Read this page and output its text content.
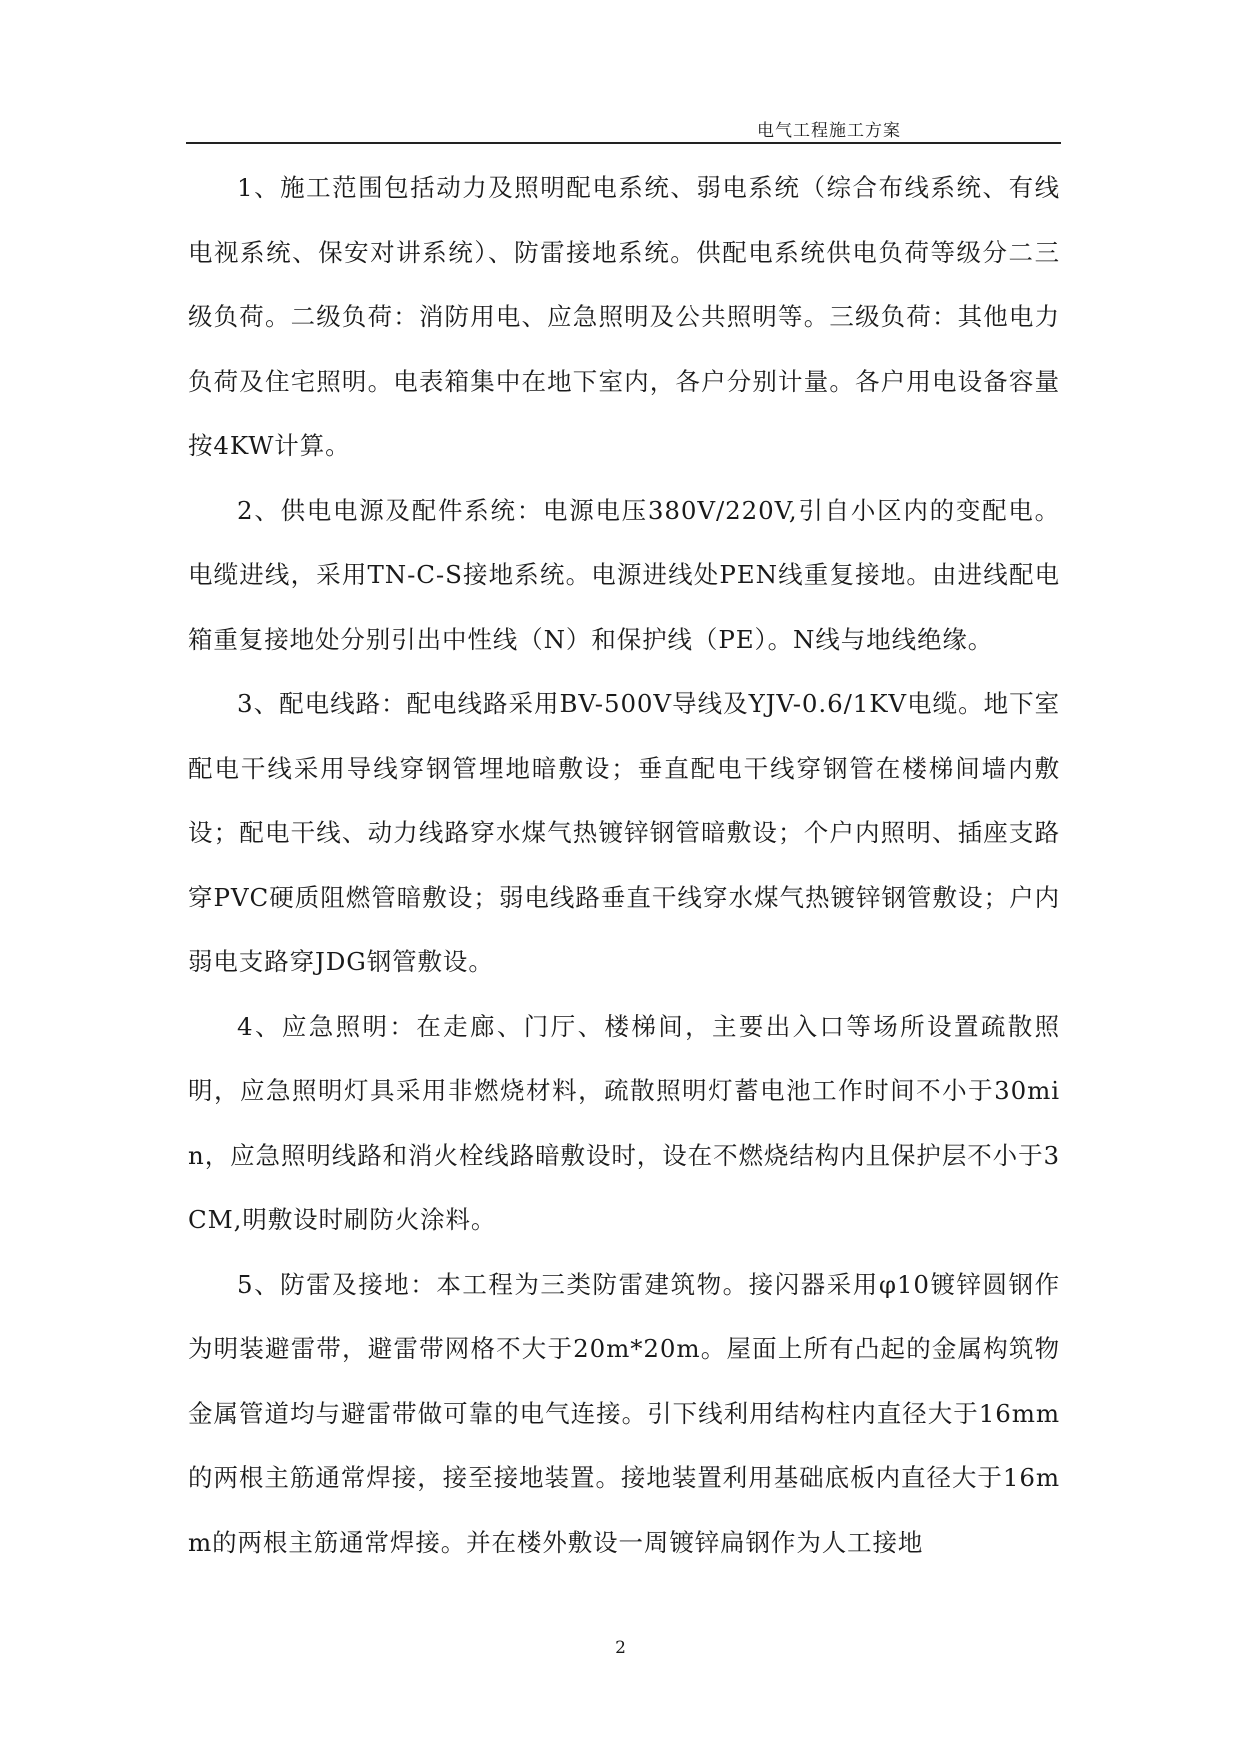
电气工程施工方案

1、施工范围包括动力及照明配电系统、弱电系统（综合布线系统、有线电视系统、保安对讲系统）、防雷接地系统。供配电系统供电负荷等级分二三级负荷。二级负荷：消防用电、应急照明及公共照明等。三级负荷：其他电力负荷及住宅照明。电表箱集中在地下室内，各户分别计量。各户用电设备容量按4KW计算。

2、供电电源及配件系统：电源电压380V/220V,引自小区内的变配电。电缆进线，采用TN-C-S接地系统。电源进线处PEN线重复接地。由进线配电箱重复接地处分别引出中性线（N）和保护线（PE）。N线与地线绝缘。

3、配电线路：配电线路采用BV-500V导线及YJV-0.6/1KV电缆。地下室配电干线采用导线穿钢管埋地暗敷设；垂直配电干线穿钢管在楼梯间墙内敷设；配电干线、动力线路穿水煤气热镀锌钢管暗敷设；个户内照明、插座支路穿PVC硬质阻燃管暗敷设；弱电线路垂直干线穿水煤气热镀锌钢管敷设；户内弱电支路穿JDG钢管敷设。

4、应急照明：在走廊、门厅、楼梯间，主要出入口等场所设置疏散照明，应急照明灯具采用非燃烧材料，疏散照明灯蓄电池工作时间不小于30min，应急照明线路和消火栓线路暗敷设时，设在不燃烧结构内且保护层不小于3CM,明敷设时刷防火涂料。

5、防雷及接地：本工程为三类防雷建筑物。接闪器采用φ10镀锌圆钢作为明装避雷带，避雷带网格不大于20m*20m。屋面上所有凸起的金属构筑物金属管道均与避雷带做可靠的电气连接。引下线利用结构柱内直径大于16mm的两根主筋通常焊接，接至接地装置。接地装置利用基础底板内直径大于16mm的两根主筋通常焊接。并在楼外敷设一周镀锌扁钢作为人工接地

2
